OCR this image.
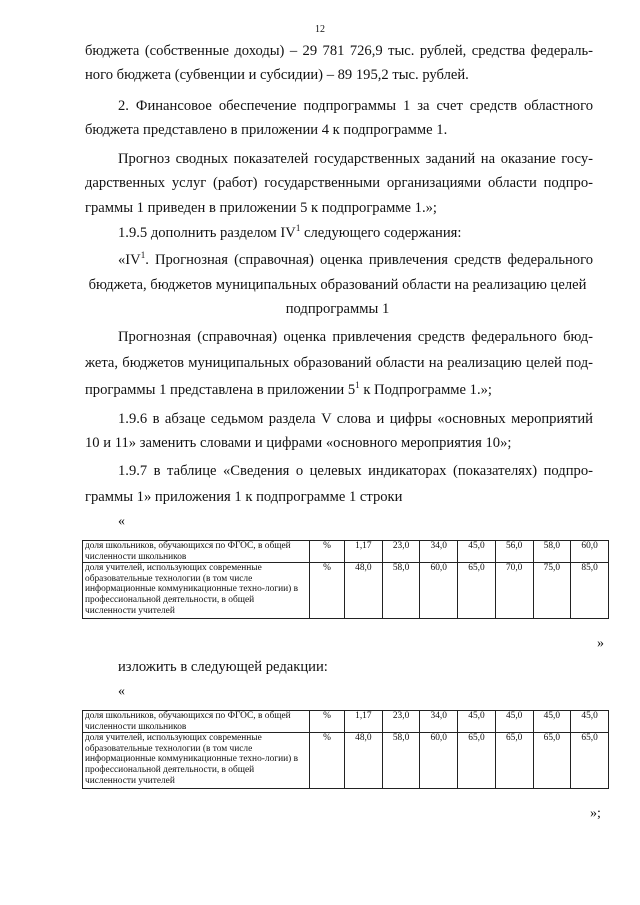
12
бюджета (собственные доходы) – 29 781 726,9 тыс. рублей, средства федераль-
ного бюджета (субвенции и субсидии) – 89 195,2 тыс. рублей.
2. Финансовое обеспечение подпрограммы 1 за счет средств областного
бюджета представлено в приложении 4 к подпрограмме 1.
Прогноз сводных показателей государственных заданий на оказание госу-
дарственных услуг (работ) государственными организациями области подпро-
граммы 1 приведен в приложении 5 к подпрограмме 1.»;
1.9.5 дополнить разделом $IV^1$ следующего содержания:
«$IV^1$. Прогнозная (справочная) оценка привлечения средств федерального
бюджета, бюджетов муниципальных образований области на реализацию целей
подпрограммы 1
Прогнозная (справочная) оценка привлечения средств федерального бюд-
жета, бюджетов муниципальных образований области на реализацию целей под-
программы 1 представлена в приложении $5^1$ к Подпрограмме 1.»;
1.9.6 в абзаце седьмом раздела V слова и цифры «основных мероприятий
10 и 11» заменить словами и цифрами «основного мероприятия 10»;
1.9.7 в таблице «Сведения о целевых индикаторах (показателях) подпро-
граммы 1» приложения 1 к подпрограмме 1 строки
«
доля школьников, обучающихся по ФГОС, в общей численности школьников	%	1,17	23,0	34,0	45,0	56,0	58,0	60,0
доля учителей, использующих современные образовательные технологии (в том числе информационные коммуникационные техно-логии) в профессиональной деятельности, в общей численности учителей	%	48,0	58,0	60,0	65,0	70,0	75,0	85,0
»
изложить в следующей редакции:
«
доля школьников, обучающихся по ФГОС, в общей численности школьников	%	1,17	23,0	34,0	45,0	45,0	45,0	45,0
доля учителей, использующих современные образовательные технологии (в том числе информационные коммуникационные техно-логии) в профессиональной деятельности, в общей численности учителей	%	48,0	58,0	60,0	65,0	65,0	65,0	65,0
»;
